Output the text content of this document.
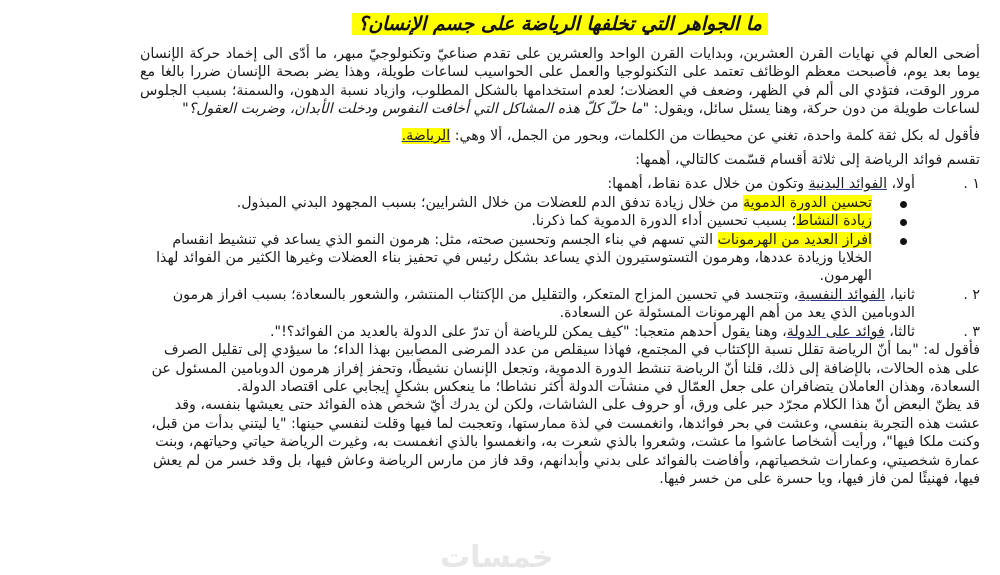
ما الجواهر التي تخلفها الرياضة على جسم الإنسان؟

أضحى العالم في نهايات القرن العشرين، وبدايات القرن الواحد والعشرين على تقدم صناعيّ وتكنولوجيّ مبهر، ما أدّى الى إخماد حركة الإنسان يوما بعد يوم، فأصبحت معظم الوظائف تعتمد على التكنولوجيا والعمل على الحواسيب لساعات طويلة، وهذا يضر بصحة الإنسان ضررا بالغا مع مرور الوقت، فتؤدي الى ألم في الظهر، وضعف في العضلات؛ لعدم استخدامها بالشكل المطلوب، وازياد نسبة الدهون، والسمنة؛ بسبب الجلوس لساعات طويلة من دون حركة، وهنا يسئل سائل، ويقول: "ما حلّ كلّ هذه المشاكل التي أخافت النفوس ودخلت الأبدان، وضربت العقول؟"

فأقول له بكل ثقة كلمة واحدة، تغني عن محيطات من الكلمات، وبحور من الجمل، ألا وهي: الرياضة.

تقسم فوائد الرياضة إلى ثلاثة أقسام قسّمت كالتالي، أهمها:

١ .
أولا، الفوائد البدنية وتكون من خلال عدة نقاط، أهمها:
تحسين الدورة الدموية من خلال زيادة تدفق الدم للعضلات من خلال الشرايين؛ بسبب المجهود البدني المبذول.
زيادة النشاط؛ بسبب تحسين أداء الدورة الدموية كما ذكرنا.
افراز العديد من الهرمونات التي تسهم في بناء الجسم وتحسين صحته، مثل: هرمون النمو الذي يساعد في تنشيط انقسام الخلايا وزيادة عددها، وهرمون التستوستيرون الذي يساعد بشكل رئيس في تحفيز بناء العضلات وغيرها الكثير من الفوائد لهذا الهرمون.
٢ .
ثانيا، الفوائد النفسية، وتتجسد في تحسين المزاج المتعكر، والتقليل من الإكتئاب المنتشر، والشعور بالسعادة؛ بسبب افراز هرمون الدوبامين الذي يعد من أهم الهرمونات المسئولة عن السعادة.
٣ .
ثالثا، فوائد على الدولة، وهنا يقول أحدهم متعجبا: "كيف يمكن للرياضة أن تدرّ على الدولة بالعديد من الفوائد؟!".

فأقول له: "بما أنّ الرياضة تقلل نسبة الإكتئاب في المجتمع، فهاذا سيقلص من عدد المرضى المصابين بهذا الداء؛ ما سيؤدي إلى تقليل الصرف على هذه الحالات، بالإضافة إلى ذلك، قلنا أنّ الرياضة تنشط الدورة الدموية، وتجعل الإنسان نشيطًا، وتحفز إفراز هرمون الدوبامين المسئول عن السعادة، وهذان العاملان يتضافران على جعل العمّال في منشآت الدولة أكثر نشاطا؛ ما ينعكس بشكلٍ إيجابي على اقتصاد الدولة.

قد يظنّ البعض أنّ هذا الكلام مجرّد حبر على ورق، أو حروف على الشاشات، ولكن لن يدرك أيّ شخص هذه الفوائد حتى يعيشها بنفسه، وقد عشت هذه التجربة بنفسي، وعشت في بحر فوائدها، وانغمست في لذة ممارستها، وتعجبت لما فيها وقلت لنفسي حينها: "يا ليتني بدأت من قبل، وكنت ملكا فيها"، ورأيت أشخاصا عاشوا ما عشت، وشعروا بالذي شعرت به، وانغمسوا بالذي انغمست به، وغيرت الرياضة حياتي وحياتهم، وبنت عمارة شخصيتي، وعمارات شخصياتهم، وأفاضت بالفوائد على بدني وأبدانهم، وقد فاز من مارس الرياضة وعاش فيها، بل وقد خسر من لم يعش فيها، فهنيئًا لمن فاز فيها، ويا حسرة على من خسر فيها.

خمسات
